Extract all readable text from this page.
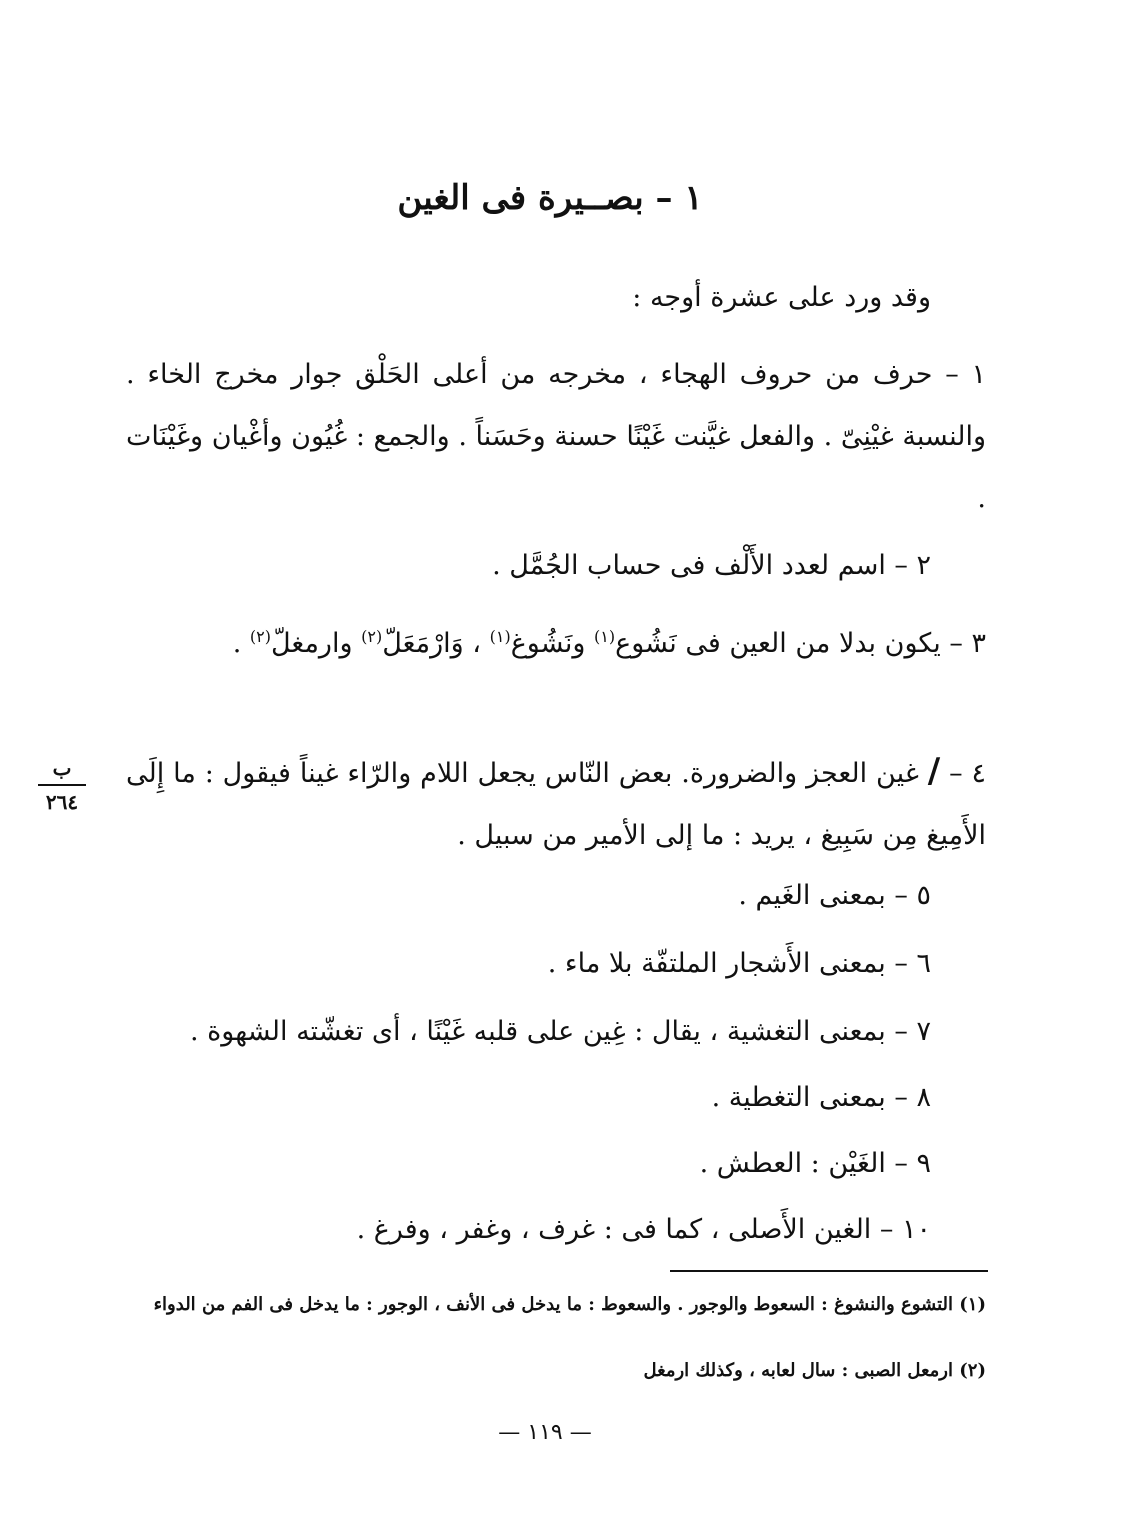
١ – بصــيرة فى الغين
وقد ورد على عشرة أوجه :
١ – حرف من حروف الهجاء ، مخرجه من أعلى الحَلْق جوار مخرج الخاء . والنسبة غيْنِىّ . والفعل غيَّنت غَيْنًا حسنة وحَسَناً . والجمع : غُيُون وأغْيان وغَيْنَات .
٢ – اسم لعدد الأَلْف فى حساب الجُمَّل .
٣ – يكون بدلا من العين فى نَشُوع$^{(١)}$ ونَشُوغ$^{(١)}$ ، وَارْمَعَلّ$^{(٢)}$ وارمغلّ$^{(٢)}$ .
٤ – / غين العجز والضرورة. بعض النّاس يجعل اللام والرّاء غيناً فيقول : ما إِلَى الأَمِيغ مِن سَبِيغ ، يريد : ما إلى الأمير من سبيل .
ب
٢٦٤
٥ – بمعنى الغَيم .
٦ – بمعنى الأَشجار الملتفّة بلا ماء .
٧ – بمعنى التغشية ، يقال : غِين على قلبه غَيْنًا ، أى تغشّته الشهوة .
٨ – بمعنى التغطية .
٩ – الغَيْن : العطش .
١٠ – الغين الأَصلى ، كما فى : غرف ، وغفر ، وفرغ .
(١) التشوع والنشوغ : السعوط والوجور . والسعوط : ما يدخل فى الأنف ، الوجور : ما يدخل فى الفم من الدواء
(٢) ارمعل الصبى : سال لعابه ، وكذلك ارمغل
— ١١٩ —
